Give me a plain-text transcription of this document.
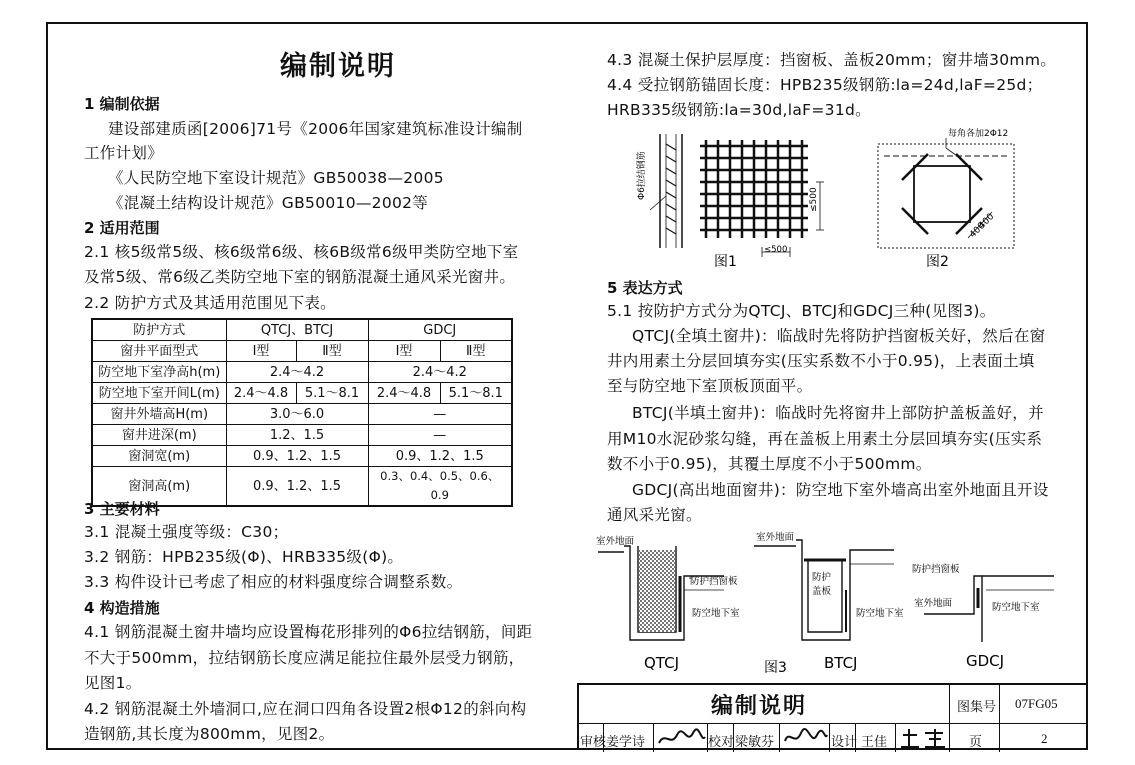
编制说明
1 编制依据
建设部建质函[2006]71号《2006年国家建筑标准设计编制
工作计划》
《人民防空地下室设计规范》GB50038—2005
《混凝土结构设计规范》GB50010—2002等
2 适用范围
2.1 核5级常5级、核6级常6级、核6B级常6级甲类防空地下室
及常5级、常6级乙类防空地下室的钢筋混凝土通风采光窗井。
2.2 防护方式及其适用范围见下表。
防护方式	QTCJ、BTCJ		GDCJ	
窗井平面型式	Ⅰ型	Ⅱ型	Ⅰ型	Ⅱ型
防空地下室净高h(m)	2.4～4.2		2.4～4.2	
防空地下室开间L(m)	2.4～4.8	5.1～8.1	2.4～4.8	5.1～8.1
窗井外墙高H(m)	3.0～6.0		—	
窗井进深(m)	1.2、1.5		—	
窗洞宽(m)	0.9、1.2、1.5		0.9、1.2、1.5	
窗洞高(m)	0.9、1.2、1.5		0.3、0.4、0.5、0.6、0.9	
3 主要材料
3.1 混凝土强度等级：C30；
3.2 钢筋：HPB235级(Φ)、HRB335级(Φ)。
3.3 构件设计已考虑了相应的材料强度综合调整系数。
4 构造措施
4.1 钢筋混凝土窗井墙均应设置梅花形排列的Φ6拉结钢筋，间距
不大于500mm，拉结钢筋长度应满足能拉住最外层受力钢筋，
见图1。
4.2 钢筋混凝土外墙洞口,应在洞口四角各设置2根Φ12的斜向构
造钢筋,其长度为800mm，见图2。
4.3 混凝土保护层厚度：挡窗板、盖板20mm；窗井墙30mm。
4.4 受拉钢筋锚固长度：HPB235级钢筋:la=24d,laF=25d；
HRB335级钢筋:la=30d,laF=31d。
Φ6拉结钢筋	≤500
≤500
图1
每角各加2Φ12
400
400
图2
5 表达方式
5.1 按防护方式分为QTCJ、BTCJ和GDCJ三种(见图3)。
QTCJ(全填土窗井)：临战时先将防护挡窗板关好，然后在窗
井内用素土分层回填夯实(压实系数不小于0.95)，上表面土填
至与防空地下室顶板顶面平。
BTCJ(半填土窗井)：临战时先将窗井上部防护盖板盖好，并
用M10水泥砂浆勾缝，再在盖板上用素土分层回填夯实(压实系
数不小于0.95)，其覆土厚度不小于500mm。
GDCJ(高出地面窗井)：防空地下室外墙高出室外地面且开设
通风采光窗。
室外地面
防护挡窗板
防空地下室
QTCJ
室外地面
防护
盖板
防空地下室
BTCJ
图3
防护挡窗板
室外地面	防空地下室
GDCJ
编制说明	图集号 07FG05
审核 姜学诗	校对 梁敏芬	设计 王佳	页	2
